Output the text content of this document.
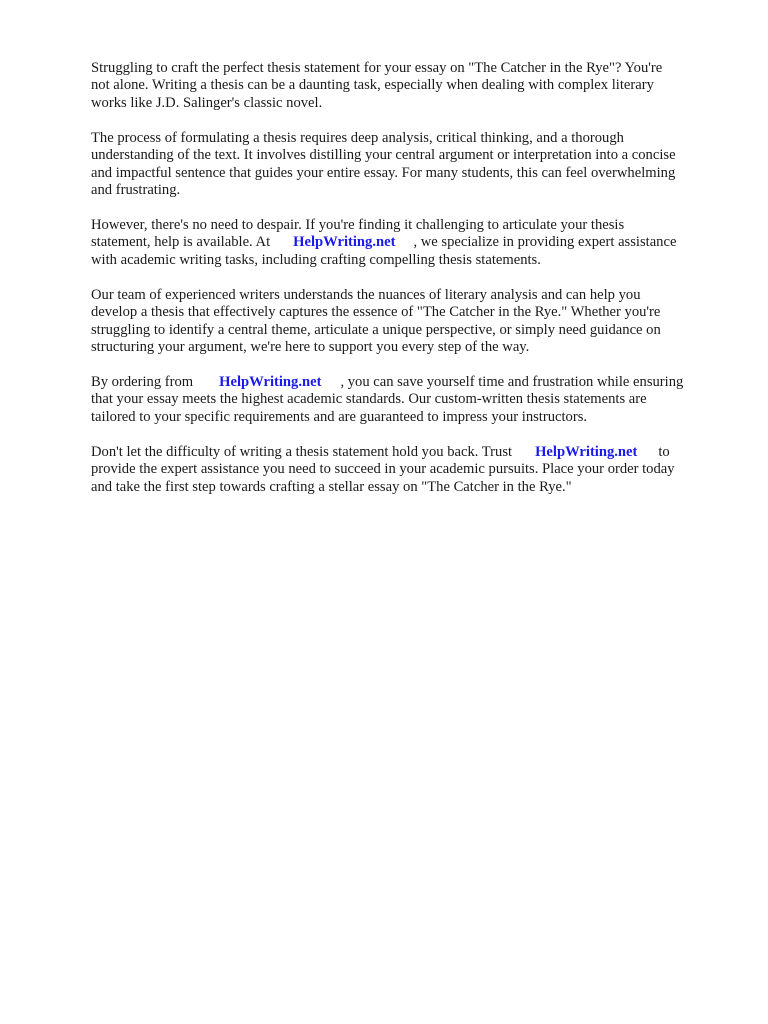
Struggling to craft the perfect thesis statement for your essay on "The Catcher in the Rye"? You're
not alone. Writing a thesis can be a daunting task, especially when dealing with complex literary
works like J.D. Salinger's classic novel.

The process of formulating a thesis requires deep analysis, critical thinking, and a thorough
understanding of the text. It involves distilling your central argument or interpretation into a concise
and impactful sentence that guides your entire essay. For many students, this can feel overwhelming
and frustrating.

However, there's no need to despair. If you're finding it challenging to articulate your thesis
statement, help is available. At HelpWriting.net , we specialize in providing expert assistance
with academic writing tasks, including crafting compelling thesis statements.

Our team of experienced writers understands the nuances of literary analysis and can help you
develop a thesis that effectively captures the essence of "The Catcher in the Rye." Whether you're
struggling to identify a central theme, articulate a unique perspective, or simply need guidance on
structuring your argument, we're here to support you every step of the way.

By ordering from HelpWriting.net , you can save yourself time and frustration while ensuring
that your essay meets the highest academic standards. Our custom-written thesis statements are
tailored to your specific requirements and are guaranteed to impress your instructors.

Don't let the difficulty of writing a thesis statement hold you back. Trust HelpWriting.net to
provide the expert assistance you need to succeed in your academic pursuits. Place your order today
and take the first step towards crafting a stellar essay on "The Catcher in the Rye."
